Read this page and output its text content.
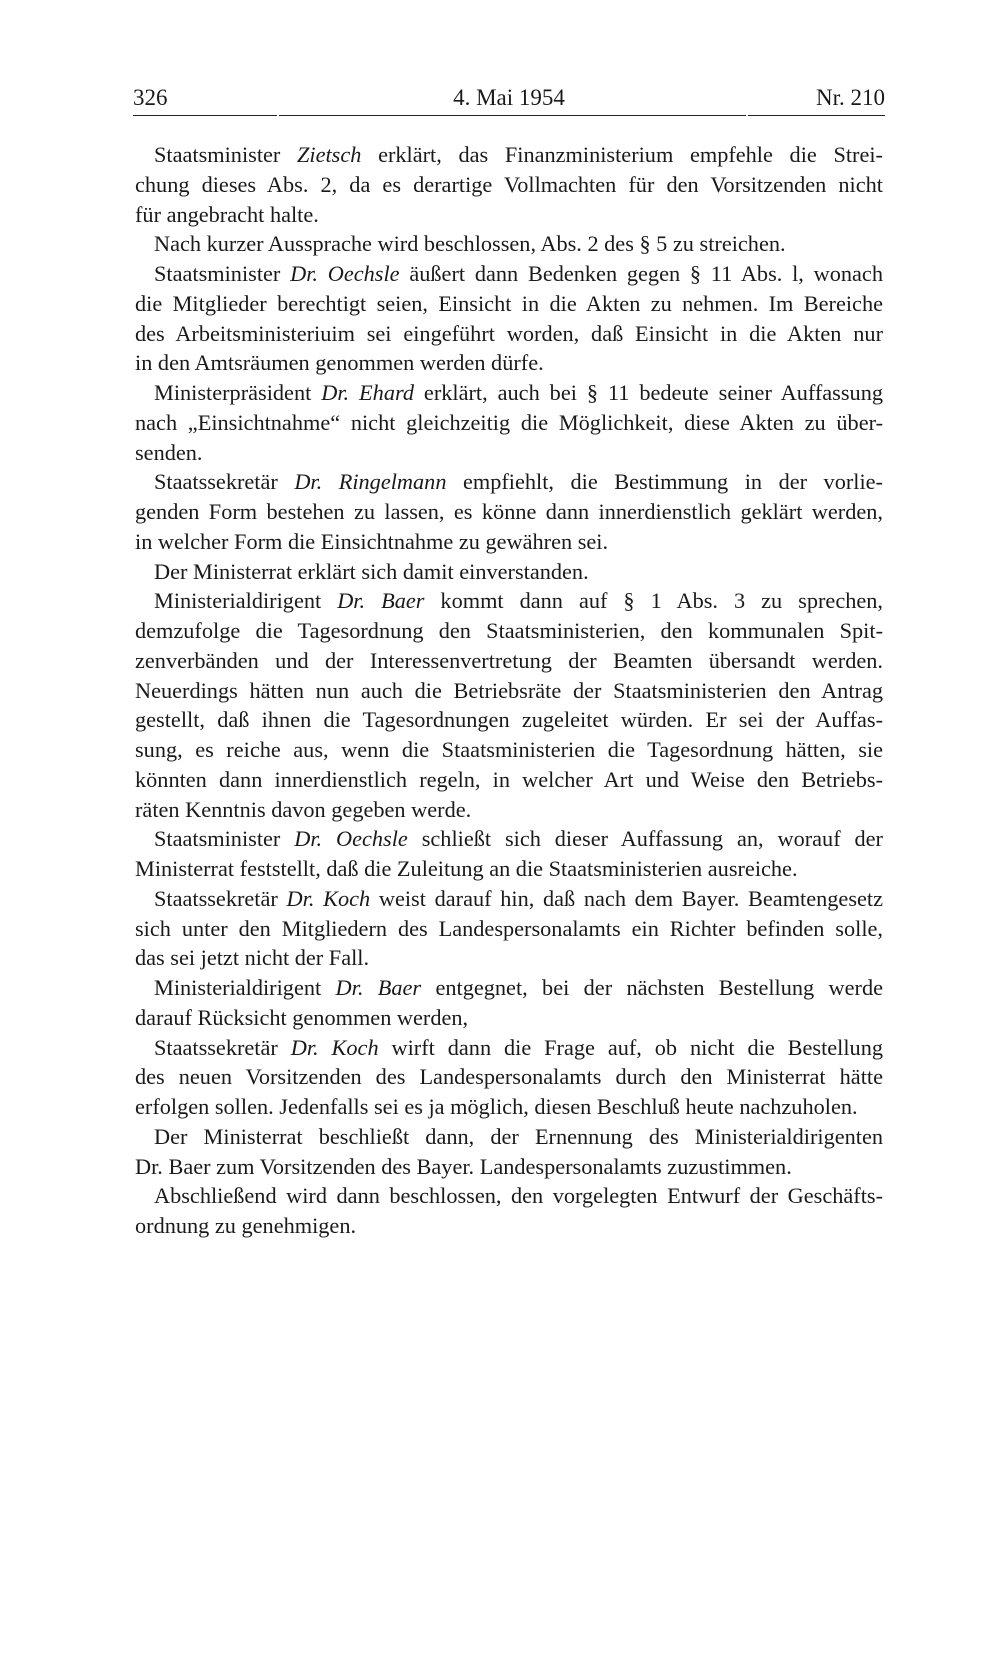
326	4. Mai 1954	Nr. 210
Staatsminister Zietsch erklärt, das Finanzministerium empfehle die Strei-
chung dieses Abs. 2, da es derartige Vollmachten für den Vorsitzenden nicht
für angebracht halte.
Nach kurzer Aussprache wird beschlossen, Abs. 2 des § 5 zu streichen.
Staatsminister Dr. Oechsle äußert dann Bedenken gegen § 11 Abs. l, wonach
die Mitglieder berechtigt seien, Einsicht in die Akten zu nehmen. Im Bereiche
des Arbeitsministeriuim sei eingeführt worden, daß Einsicht in die Akten nur
in den Amtsräumen genommen werden dürfe.
Ministerpräsident Dr. Ehard erklärt, auch bei § 11 bedeute seiner Auffassung
nach „Einsichtnahme“ nicht gleichzeitig die Möglichkeit, diese Akten zu über-
senden.
Staatssekretär Dr. Ringelmann empfiehlt, die Bestimmung in der vorlie-
genden Form bestehen zu lassen, es könne dann innerdienstlich geklärt werden,
in welcher Form die Einsichtnahme zu gewähren sei.
Der Ministerrat erklärt sich damit einverstanden.
Ministerialdirigent Dr. Baer kommt dann auf § 1 Abs. 3 zu sprechen,
demzufolge die Tagesordnung den Staatsministerien, den kommunalen Spit-
zenverbänden und der Interessenvertretung der Beamten übersandt werden.
Neuerdings hätten nun auch die Betriebsräte der Staatsministerien den Antrag
gestellt, daß ihnen die Tagesordnungen zugeleitet würden. Er sei der Auffas-
sung, es reiche aus, wenn die Staatsministerien die Tagesordnung hätten, sie
könnten dann innerdienstlich regeln, in welcher Art und Weise den Betriebs-
räten Kenntnis davon gegeben werde.
Staatsminister Dr. Oechsle schließt sich dieser Auffassung an, worauf der
Ministerrat feststellt, daß die Zuleitung an die Staatsministerien ausreiche.
Staatssekretär Dr. Koch weist darauf hin, daß nach dem Bayer. Beamtengesetz
sich unter den Mitgliedern des Landespersonalamts ein Richter befinden solle,
das sei jetzt nicht der Fall.
Ministerialdirigent Dr. Baer entgegnet, bei der nächsten Bestellung werde
darauf Rücksicht genommen werden,
Staatssekretär Dr. Koch wirft dann die Frage auf, ob nicht die Bestellung
des neuen Vorsitzenden des Landespersonalamts durch den Ministerrat hätte
erfolgen sollen. Jedenfalls sei es ja möglich, diesen Beschluß heute nachzuholen.
Der Ministerrat beschließt dann, der Ernennung des Ministerialdirigenten
Dr. Baer zum Vorsitzenden des Bayer. Landespersonalamts zuzustimmen.
Abschließend wird dann beschlossen, den vorgelegten Entwurf der Geschäfts-
ordnung zu genehmigen.
